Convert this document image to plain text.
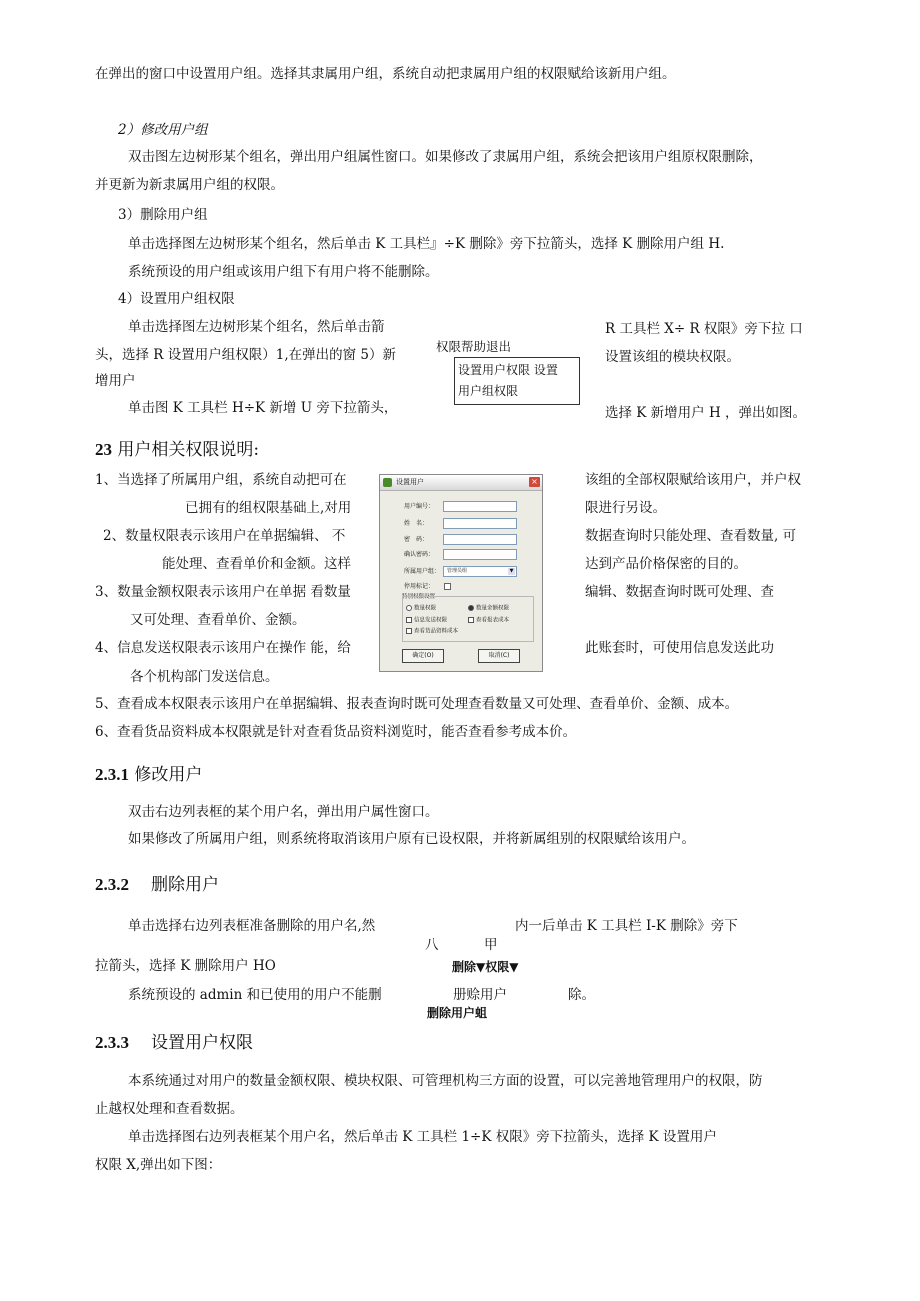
在弹出的窗口中设置用户组。选择其隶属用户组，系统自动把隶属用户组的权限赋给该新用户组。
2）修改用户组
双击图左边树形某个组名，弹出用户组属性窗口。如果修改了隶属用户组，系统会把该用户组原权限删除，
并更新为新隶属用户组的权限。
3）删除用户组
单击选择图左边树形某个组名，然后单击 K 工具栏』÷K 删除》旁下拉箭头，选择 K 删除用户组 H.
系统预设的用户组或该用户组下有用户将不能删除。
4）设置用户组权限
单击选择图左边树形某个组名，然后单击箭
头，选择 R 设置用户组权限）1,在弹出的窗 5）新
增用户
单击图 K 工具栏 H÷K 新增 U 旁下拉箭头，
权限帮助退出
设置用户权限 设置
用户组权限
R 工具栏 X÷ R 权限》旁下拉 口
设置该组的模块权限。
选择 K 新增用户 H ，弹出如图。
23 用户相关权限说明:
1、当选择了所属用户组，系统自动把可在
已拥有的组权限基础上,对用
2、数量权限表示该用户在单据编辑、 不
能处理、查看单价和金额。这样
3、数量金额权限表示该用户在单据 看数量
又可处理、查看单价、金额。
4、信息发送权限表示该用户在操作 能，给
各个机构部门发送信息。
该组的全部权限赋给该用户，并户权
限进行另设。
数据查询时只能处理、查看数量, 可
达到产品价格保密的目的。
编辑、数据查询时既可处理、查
此账套时，可使用信息发送此功
5、查看成本权限表示该用户在单据编辑、报表查询时既可处理查看数量又可处理、查看单价、金额、成本。
6、查看货品资料成本权限就是针对查看货品资料浏览时，能否查看参考成本价。
设置用户	×
用户编号：
姓　名：
密　码：
确认密码：
所属用户组： 管理员组	▼
停用标记：
特别权限设置
数量权限	数量金额权限
信息发送权限	查看报表成本
查看货品资料成本
确定(O)	取消(C)
2.3.1 修改用户
双击右边列表框的某个用户名，弹出用户属性窗口。
如果修改了所属用户组，则系统将取消该用户原有已设权限，并将新属组别的权限赋给该用户。
2.3.2 删除用户
单击选择右边列表框准备删除的用户名,然	内一后单击 K 工具栏 I-K 删除》旁下
八	甲
拉箭头，选择 K 删除用户 HO	删除▼权限▼
系统预设的 admin 和已使用的用户不能删	册赊用户	除。
删除用户蛆
2.3.3 设置用户权限
本系统通过对用户的数量金额权限、模块权限、可管理机构三方面的设置，可以完善地管理用户的权限，防
止越权处理和查看数据。
单击选择图右边列表框某个用户名，然后单击 K 工具栏 1÷K 权限》旁下拉箭头，选择 K 设置用户
权限 X,弹出如下图：
